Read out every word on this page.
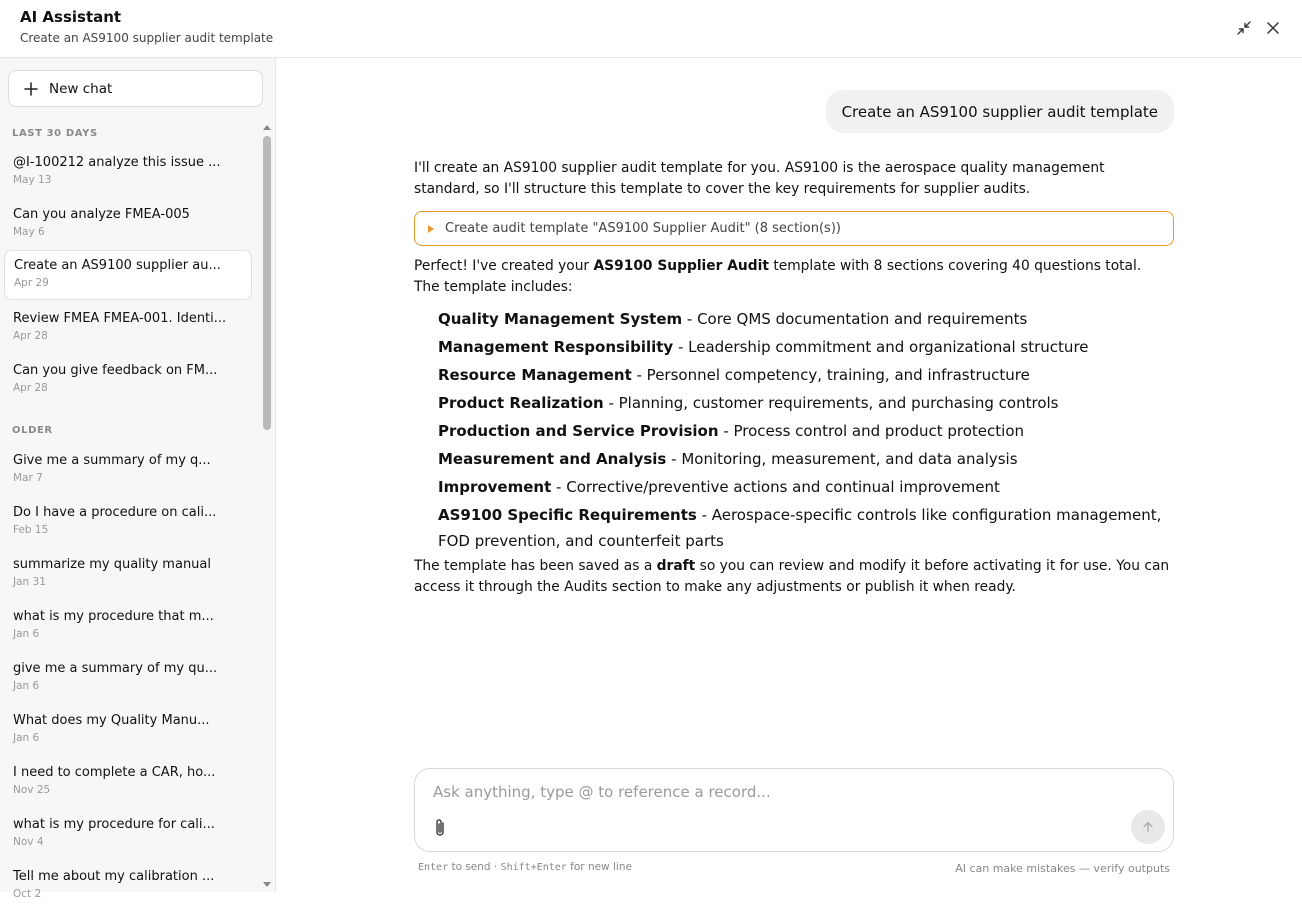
AI Assistant
Create an AS9100 supplier audit template
New chat
LAST 30 DAYS
@I-100212 analyze this issue ...
May 13
Can you analyze FMEA-005
May 6
Create an AS9100 supplier au...
Apr 29
Review FMEA FMEA-001. Identi...
Apr 28
Can you give feedback on FM...
Apr 28
OLDER
Give me a summary of my q...
Mar 7
Do I have a procedure on cali...
Feb 15
summarize my quality manual
Jan 31
what is my procedure that m...
Jan 6
give me a summary of my qu...
Jan 6
What does my Quality Manu...
Jan 6
I need to complete a CAR, ho...
Nov 25
what is my procedure for cali...
Nov 4
Tell me about my calibration ...
Oct 2
Create an AS9100 supplier audit template
I'll create an AS9100 supplier audit template for you. AS9100 is the aerospace quality management standard, so I'll structure this template to cover the key requirements for supplier audits.
Create audit template "AS9100 Supplier Audit" (8 section(s))
Perfect! I've created your AS9100 Supplier Audit template with 8 sections covering 40 questions total.
The template includes:
Quality Management System - Core QMS documentation and requirements
Management Responsibility - Leadership commitment and organizational structure
Resource Management - Personnel competency, training, and infrastructure
Product Realization - Planning, customer requirements, and purchasing controls
Production and Service Provision - Process control and product protection
Measurement and Analysis - Monitoring, measurement, and data analysis
Improvement - Corrective/preventive actions and continual improvement
AS9100 Specific Requirements - Aerospace-specific controls like configuration management, FOD prevention, and counterfeit parts
The template has been saved as a draft so you can review and modify it before activating it for use. You can access it through the Audits section to make any adjustments or publish it when ready.
Ask anything, type @ to reference a record...
Enter to send · Shift+Enter for new line	AI can make mistakes — verify outputs
